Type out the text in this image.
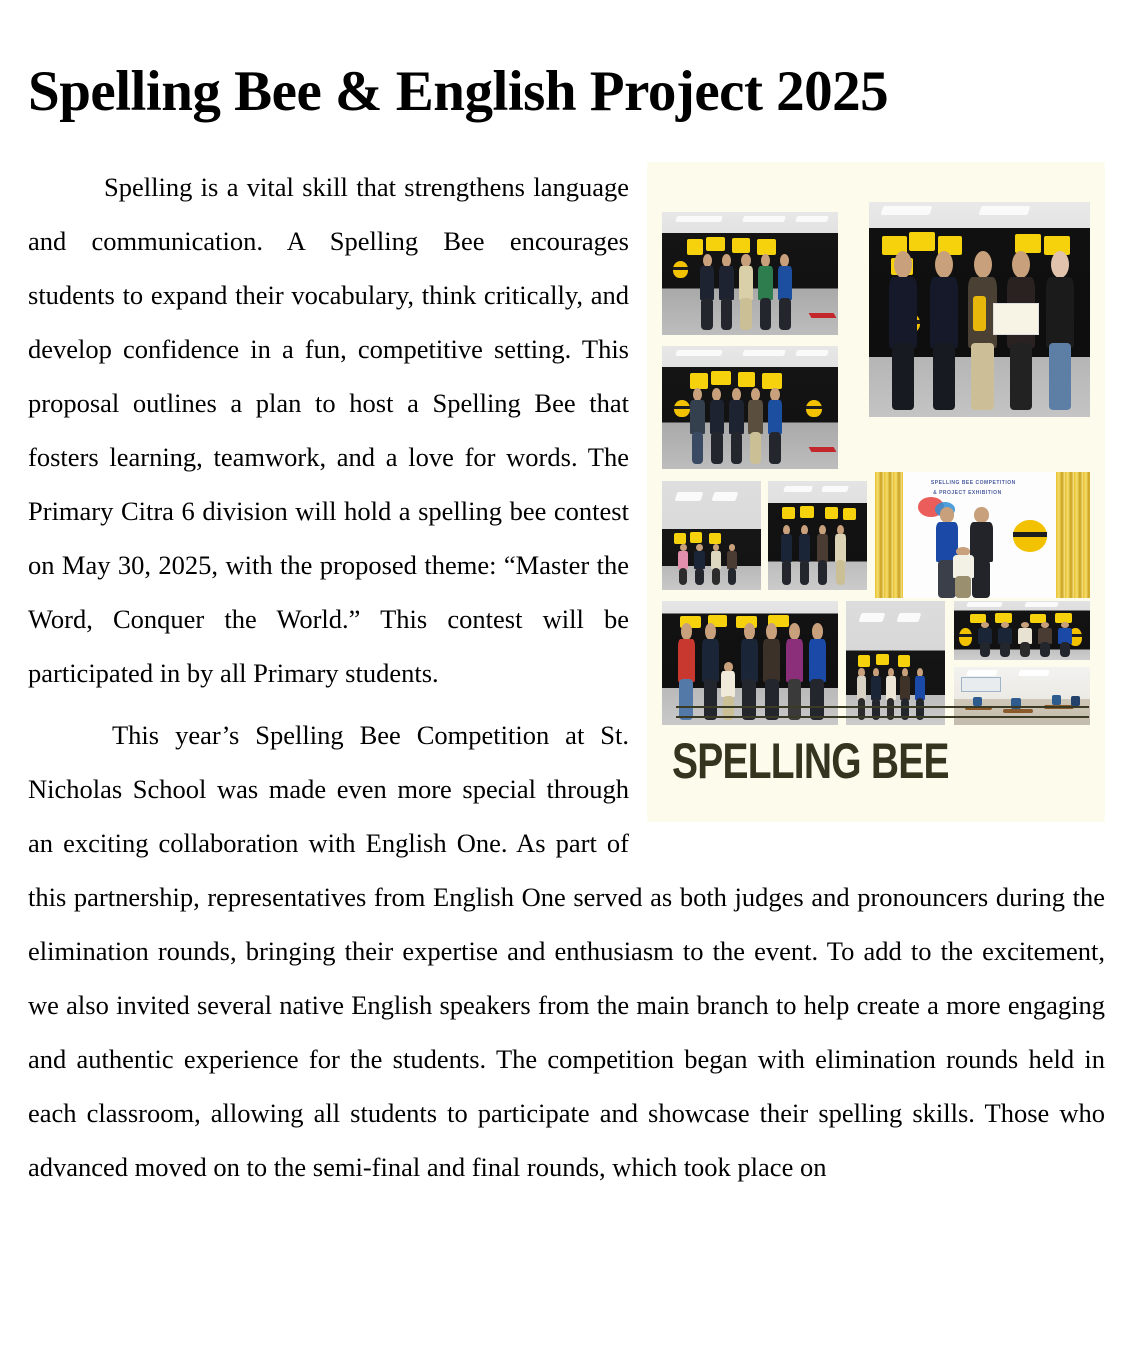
Spelling Bee & English Project 2025
SPELLING BEE COMPETITION
& PROJECT EXHIBITION
SPELLING BEE

Spelling is a vital skill that strengthens language and communication. A Spelling Bee encourages students to expand their vocabulary, think critically, and develop confidence in a fun, competitive setting. This proposal outlines a plan to host a Spelling Bee that fosters learning, teamwork, and a love for words. The Primary Citra 6 division will hold a spelling bee contest on May 30, 2025, with the proposed theme: “Master the Word, Conquer the World.” This contest will be participated in by all Primary students.

This year’s Spelling Bee Competition at St. Nicholas School was made even more special through an exciting collaboration with English One. As part of this partnership, representatives from English One served as both judges and pronouncers during the elimination rounds, bringing their expertise and enthusiasm to the event. To add to the excitement, we also invited several native English speakers from the main branch to help create a more engaging and authentic experience for the students. The competition began with elimination rounds held in each classroom, allowing all students to participate and showcase their spelling skills. Those who advanced moved on to the semi-final and final rounds, which took place on
